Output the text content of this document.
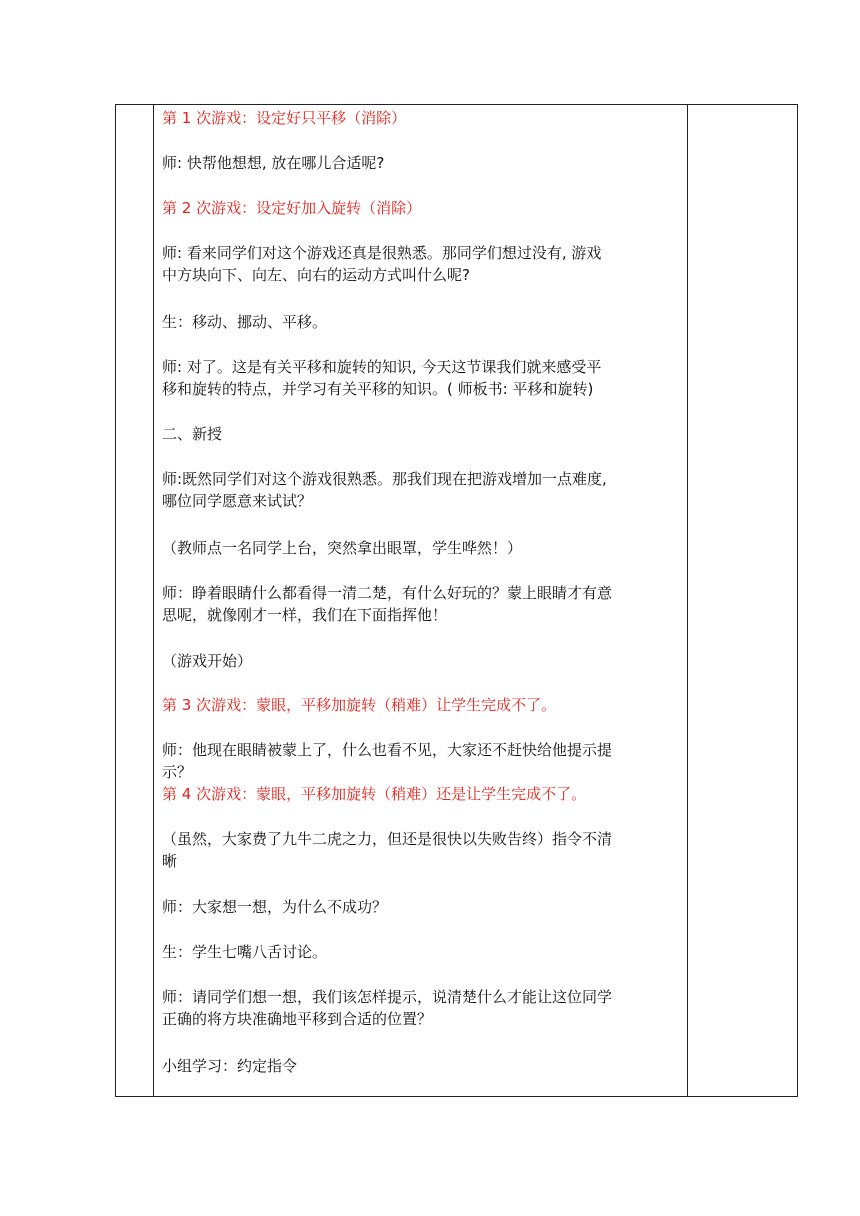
第 1 次游戏：设定好只平移（消除）
师: 快帮他想想, 放在哪儿合适呢?
第 2 次游戏：设定好加入旋转（消除）
师: 看来同学们对这个游戏还真是很熟悉。那同学们想过没有, 游戏
中方块向下、向左、向右的运动方式叫什么呢?
生：移动、挪动、平移。
师: 对了。这是有关平移和旋转的知识, 今天这节课我们就来感受平
移和旋转的特点，并学习有关平移的知识。( 师板书: 平移和旋转)
二、新授
师:既然同学们对这个游戏很熟悉。那我们现在把游戏增加一点难度,
哪位同学愿意来试试？
（教师点一名同学上台，突然拿出眼罩，学生哗然！）
师：睁着眼睛什么都看得一清二楚，有什么好玩的？蒙上眼睛才有意
思呢，就像刚才一样，我们在下面指挥他！
（游戏开始）
第 3 次游戏：蒙眼，平移加旋转（稍难）让学生完成不了。
师：他现在眼睛被蒙上了，什么也看不见，大家还不赶快给他提示提
示？
第 4 次游戏：蒙眼，平移加旋转（稍难）还是让学生完成不了。
（虽然，大家费了九牛二虎之力，但还是很快以失败告终）指令不清
晰
师：大家想一想，为什么不成功？
生：学生七嘴八舌讨论。
师：请同学们想一想，我们该怎样提示，说清楚什么才能让这位同学
正确的将方块准确地平移到合适的位置？
小组学习：约定指令
